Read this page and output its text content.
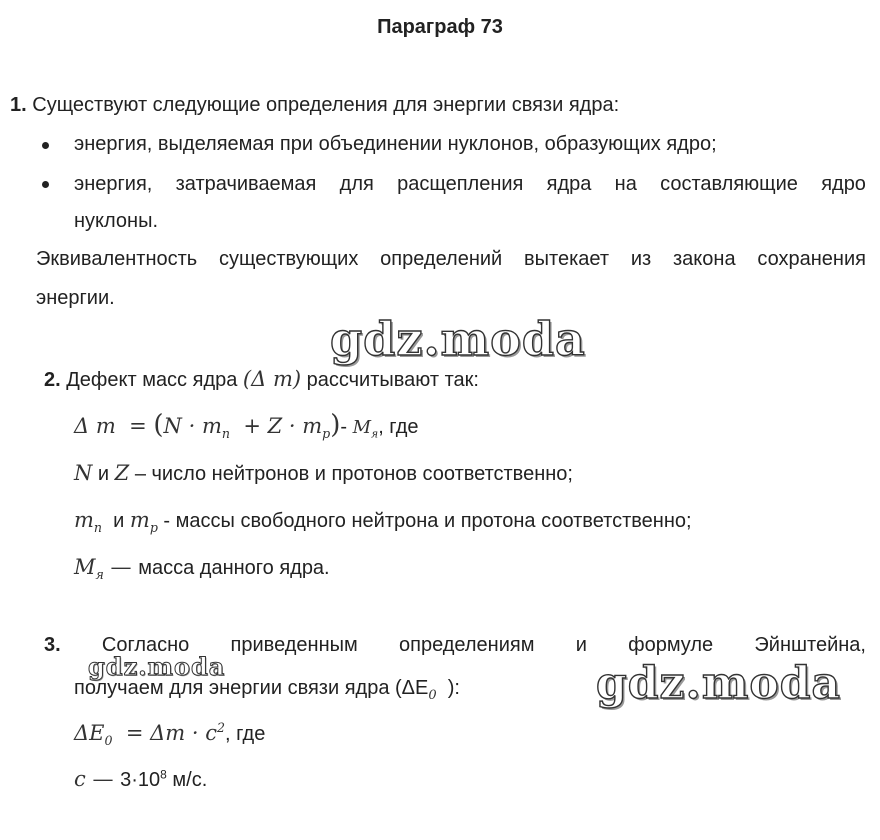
Параграф 73
1. Существуют следующие определения для энергии связи ядра:
энергия, выделяемая при объединении нуклонов, образующих ядро;
энергия, затрачиваемая для расщепления ядра на составляющие ядро
нуклоны.
Эквивалентность существующих определений вытекает из закона сохранения
энергии.
gdz.moda
2. Дефект масс ядра (Δ m) рассчитывают так:
Δ $m = (N \cdot m_n + Z \cdot m_p)-$ $M_я$, где
N и Z – число нейтронов и протонов соответственно;
$m_n$  и $m_p$ - массы свободного нейтрона и протона соответственно;
$M_я$ — масса данного ядра.
3. Согласно приведенным определениям и формуле Эйнштейна,
gdz.moda
получаем для энергии связи ядра ($\Delta E_0$  ):	gdz.moda
$\Delta E_0 = \Delta m \cdot c^2$, где
c — $3\cdot 10^8$ м/с.
